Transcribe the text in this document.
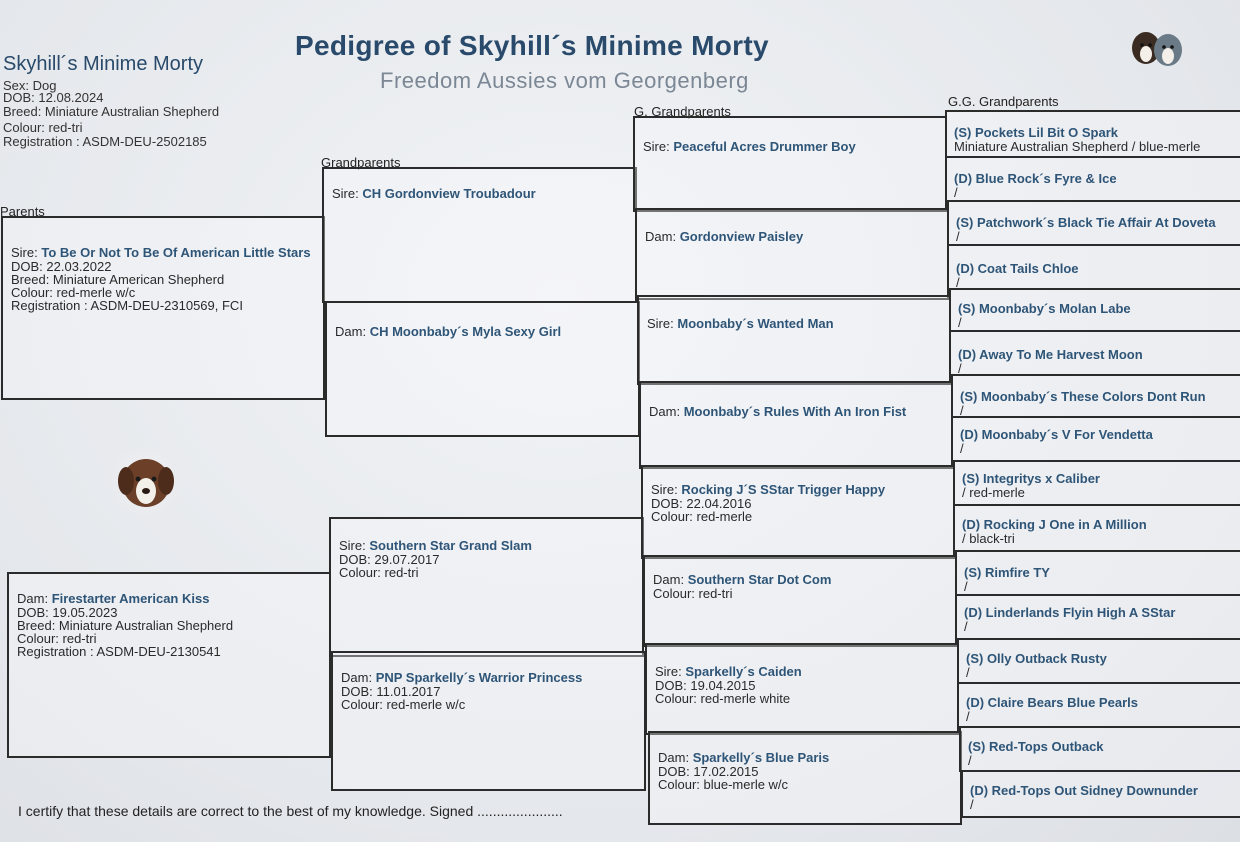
Pedigree of Skyhill´s Minime Morty
Freedom Aussies vom Georgenberg
Skyhill´s Minime Morty
Sex: Dog
DOB: 12.08.2024
Breed: Miniature Australian Shepherd
Colour: red-tri
Registration : ASDM-DEU-2502185
Parents
Grandparents
G. Grandparents
G.G. Grandparents
Sire: To Be Or Not To Be Of American Little Stars
DOB: 22.03.2022
Breed: Miniature American Shepherd
Colour: red-merle w/c
Registration : ASDM-DEU-2310569, FCI
Dam: Firestarter American Kiss
DOB: 19.05.2023
Breed: Miniature Australian Shepherd
Colour: red-tri
Registration : ASDM-DEU-2130541
Sire: CH Gordonview Troubadour
Dam: CH Moonbaby´s Myla Sexy Girl
Sire: Southern Star Grand Slam
DOB: 29.07.2017
Colour: red-tri
Dam: PNP Sparkelly´s Warrior Princess
DOB: 11.01.2017
Colour: red-merle w/c
Sire: Peaceful Acres Drummer Boy
Dam: Gordonview Paisley
Sire: Moonbaby´s Wanted Man
Dam: Moonbaby´s Rules With An Iron Fist
Sire: Rocking J´S SStar Trigger Happy
DOB: 22.04.2016
Colour: red-merle
Dam: Southern Star Dot Com
Colour: red-tri
Sire: Sparkelly´s Caiden
DOB: 19.04.2015
Colour: red-merle white
Dam: Sparkelly´s Blue Paris
DOB: 17.02.2015
Colour: blue-merle w/c
(S) Pockets Lil Bit O Spark
Miniature Australian Shepherd / blue-merle
(D) Blue Rock´s Fyre & Ice
/
(S) Patchwork´s Black Tie Affair At Doveta
/
(D) Coat Tails Chloe
/
(S) Moonbaby´s Molan Labe
/
(D) Away To Me Harvest Moon
/
(S) Moonbaby´s These Colors Dont Run
/
(D) Moonbaby´s V For Vendetta
/
(S) Integritys x Caliber
/ red-merle
(D) Rocking J One in A Million
/ black-tri
(S) Rimfire TY
/
(D) Linderlands Flyin High A SStar
/
(S) Olly Outback Rusty
/
(D) Claire Bears Blue Pearls
/
(S) Red-Tops Outback
/
(D) Red-Tops Out Sidney Downunder
/
I certify that these details are correct to the best of my knowledge. Signed ......................
